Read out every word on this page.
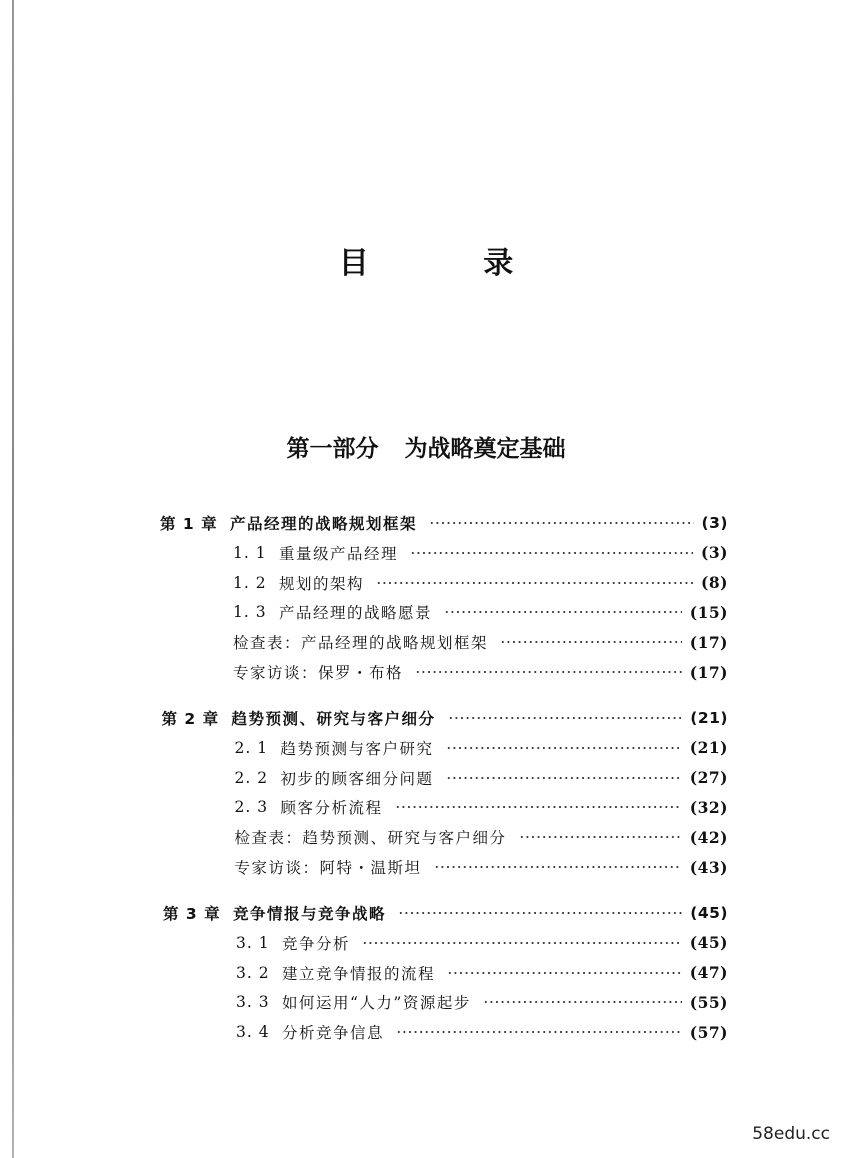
目 录
第一部分 为战略奠定基础
第 1 章 产品经理的战略规划框架	(3)
1. 1 重量级产品经理	(3)
1. 2 规划的架构	(8)
1. 3 产品经理的战略愿景	(15)
检查表：产品经理的战略规划框架	(17)
专家访谈：保罗・布格	(17)
第 2 章 趋势预测、研究与客户细分	(21)
2. 1 趋势预测与客户研究	(21)
2. 2 初步的顾客细分问题	(27)
2. 3 顾客分析流程	(32)
检查表：趋势预测、研究与客户细分	(42)
专家访谈：阿特・温斯坦	(43)
第 3 章 竞争情报与竞争战略	(45)
3. 1 竞争分析	(45)
3. 2 建立竞争情报的流程	(47)
3. 3 如何运用“人力”资源起步	(55)
3. 4 分析竞争信息	(57)
58edu.cc
